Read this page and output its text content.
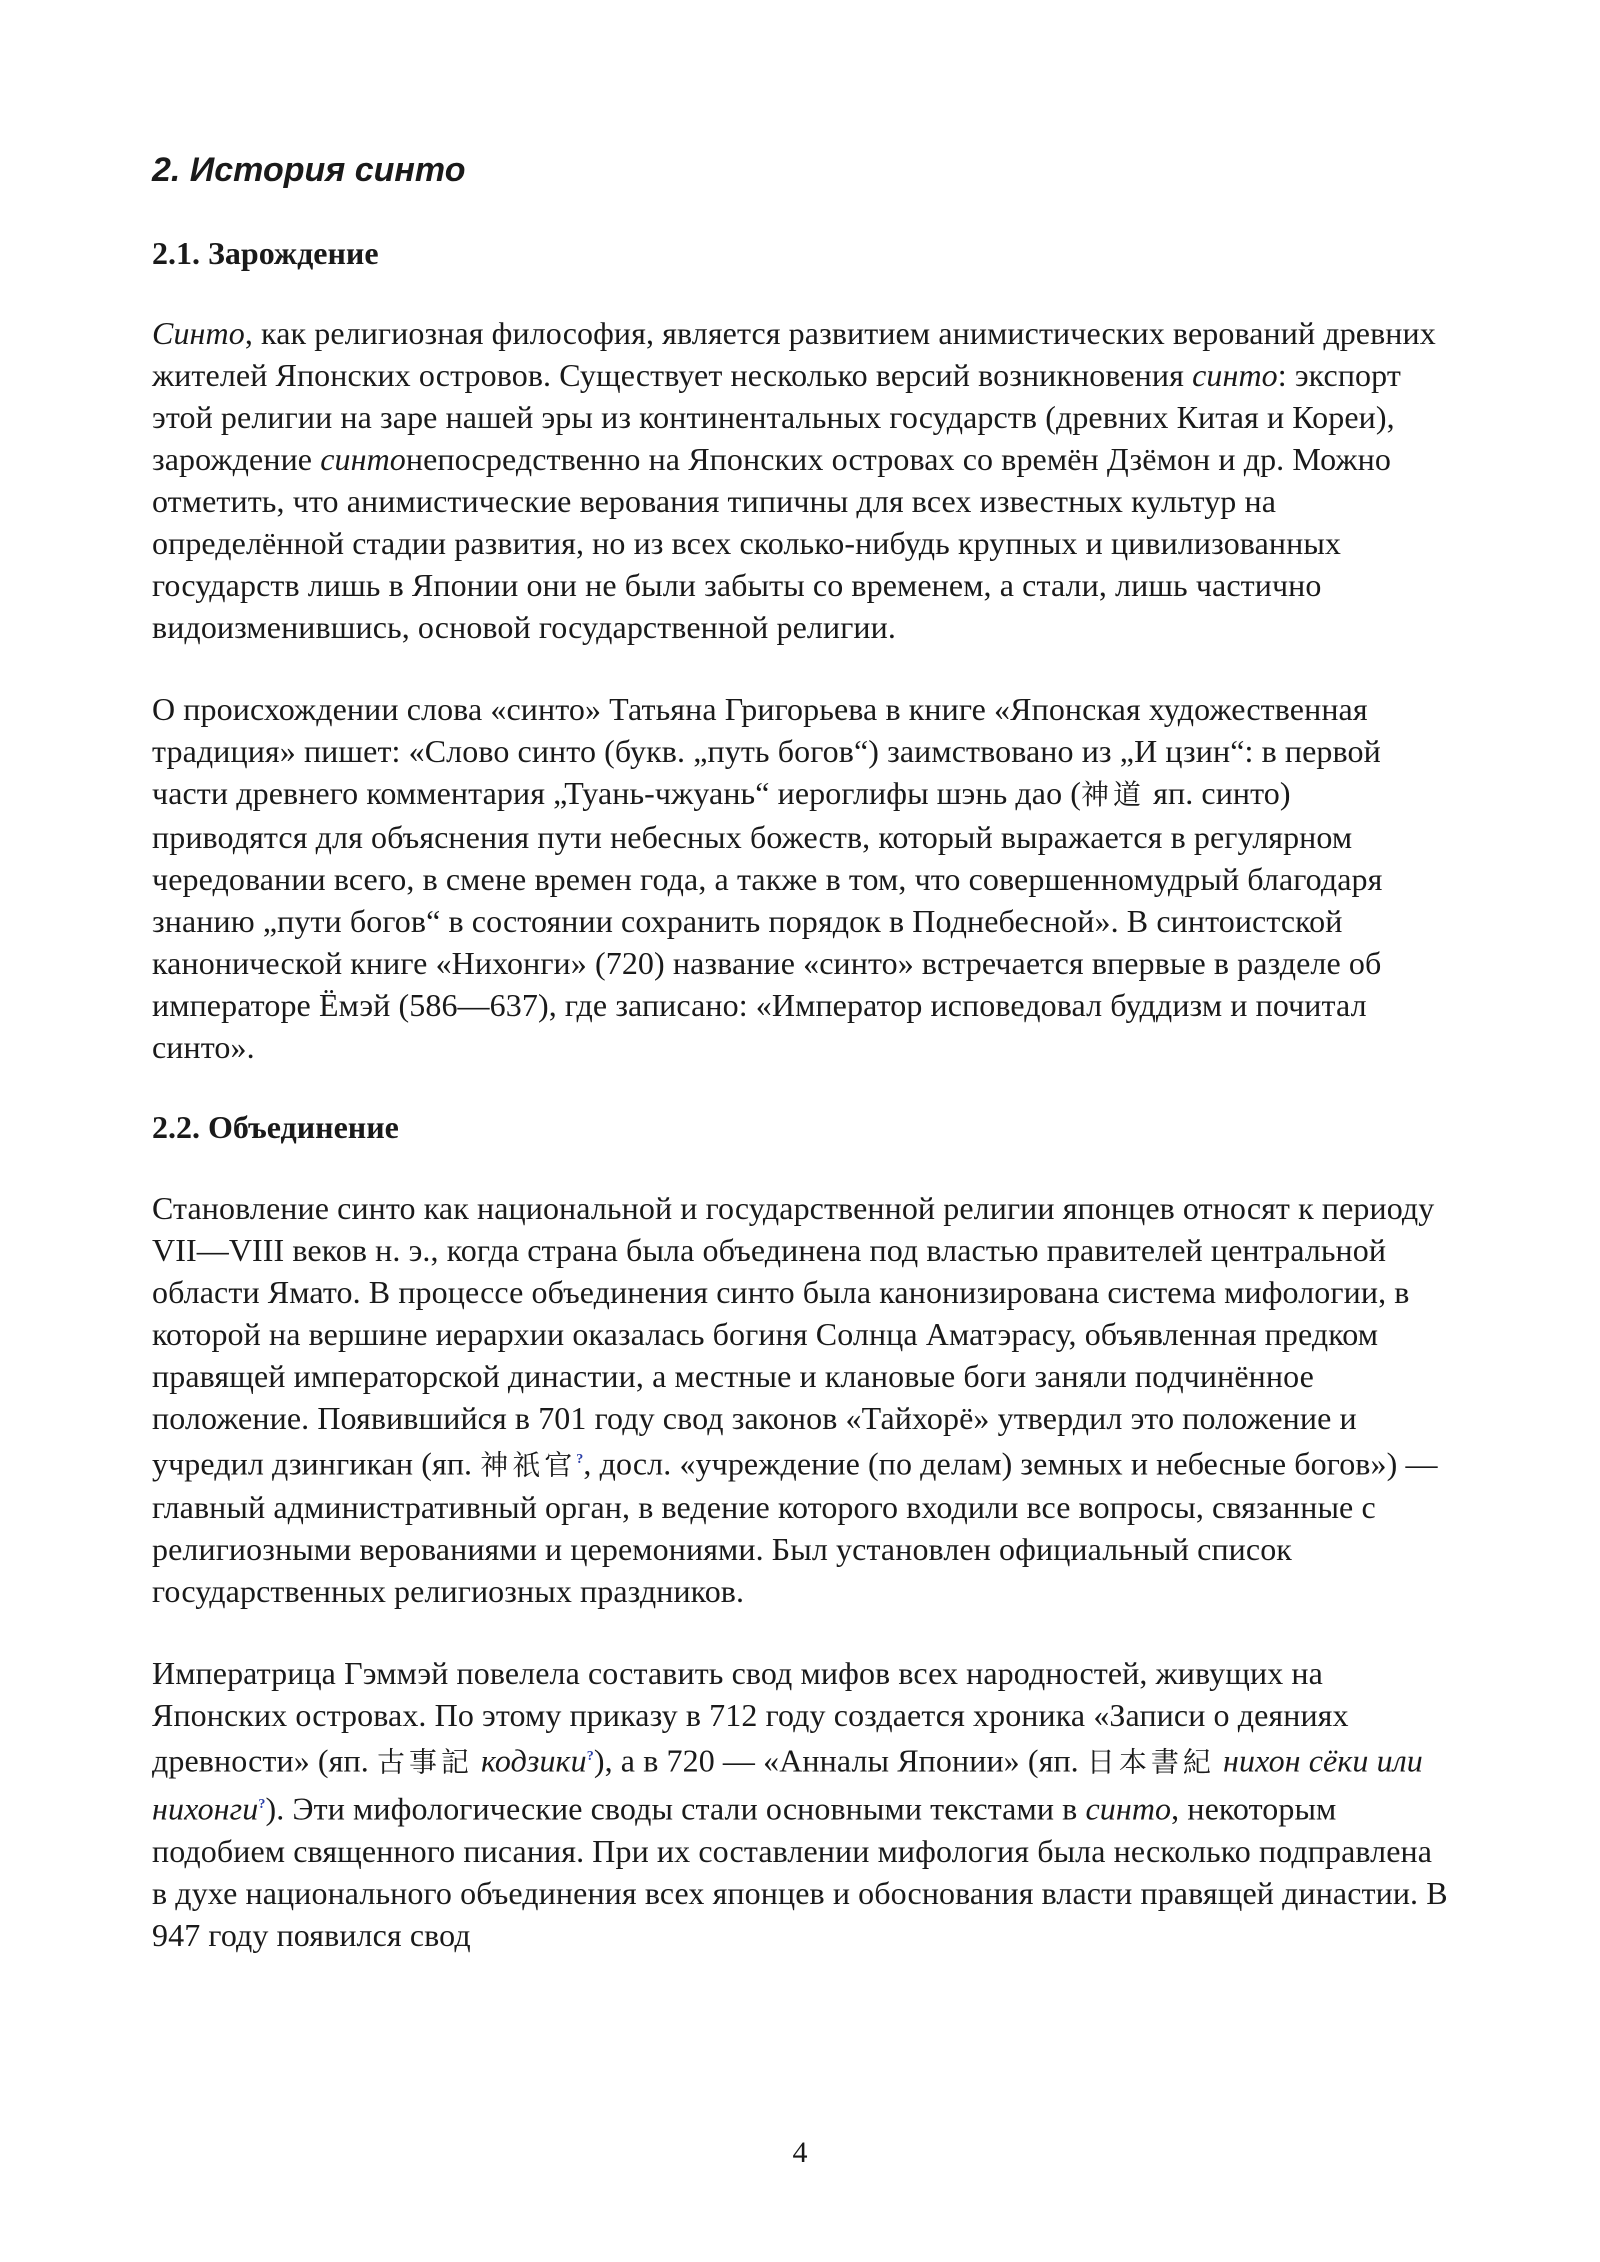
2. История синто
2.1. Зарождение

Синто, как религиозная философия, является развитием анимистических верований древних жителей Японских островов. Существует несколько версий возникновения синто: экспорт этой религии на заре нашей эры из континентальных государств (древних Китая и Кореи), зарождение синтонепосредственно на Японских островах со времён Дзёмон и др. Можно отметить, что анимистические верования типичны для всех известных культур на определённой стадии развития, но из всех сколько-нибудь крупных и цивилизованных государств лишь в Японии они не были забыты со временем, а стали, лишь частично видоизменившись, основой государственной религии.

О происхождении слова «синто» Татьяна Григорьева в книге «Японская художественная традиция» пишет: «Слово синто (букв. „путь богов“) заимствовано из „И цзин“: в первой части древнего комментария „Туань-чжуань“ иероглифы шэнь дао (神道 яп. синто) приводятся для объяснения пути небесных божеств, который выражается в регулярном чередовании всего, в смене времен года, а также в том, что совершенномудрый благодаря знанию „пути богов“ в состоянии сохранить порядок в Поднебесной». В синтоистской канонической книге «Нихонги» (720) название «синто» встречается впервые в разделе об императоре Ёмэй (586—637), где записано: «Император исповедовал буддизм и почитал синто».

2.2. Объединение

Становление синто как национальной и государственной религии японцев относят к периоду VII—VIII веков н. э., когда страна была объединена под властью правителей центральной области Ямато. В процессе объединения синто была канонизирована система мифологии, в которой на вершине иерархии оказалась богиня Солнца Аматэрасу, объявленная предком правящей императорской династии, а местные и клановые боги заняли подчинённое положение. Появившийся в 701 году свод законов «Тайхорё» утвердил это положение и учредил дзингикан (яп. 神祇官?, досл. «учреждение (по делам) земных и небесные богов») — главный административный орган, в ведение которого входили все вопросы, связанные с религиозными верованиями и церемониями. Был установлен официальный список государственных религиозных праздников.

Императрица Гэммэй повелела составить свод мифов всех народностей, живущих на Японских островах. По этому приказу в 712 году создается хроника «Записи о деяниях древности» (яп. 古事記 кодзики?), а в 720 — «Анналы Японии» (яп. 日本書紀 нихон сёки или нихонги?). Эти мифологические своды стали основными текстами в синто, некоторым подобием священного писания. При их составлении мифология была несколько подправлена в духе национального объединения всех японцев и обоснования власти правящей династии. В 947 году появился свод

4
